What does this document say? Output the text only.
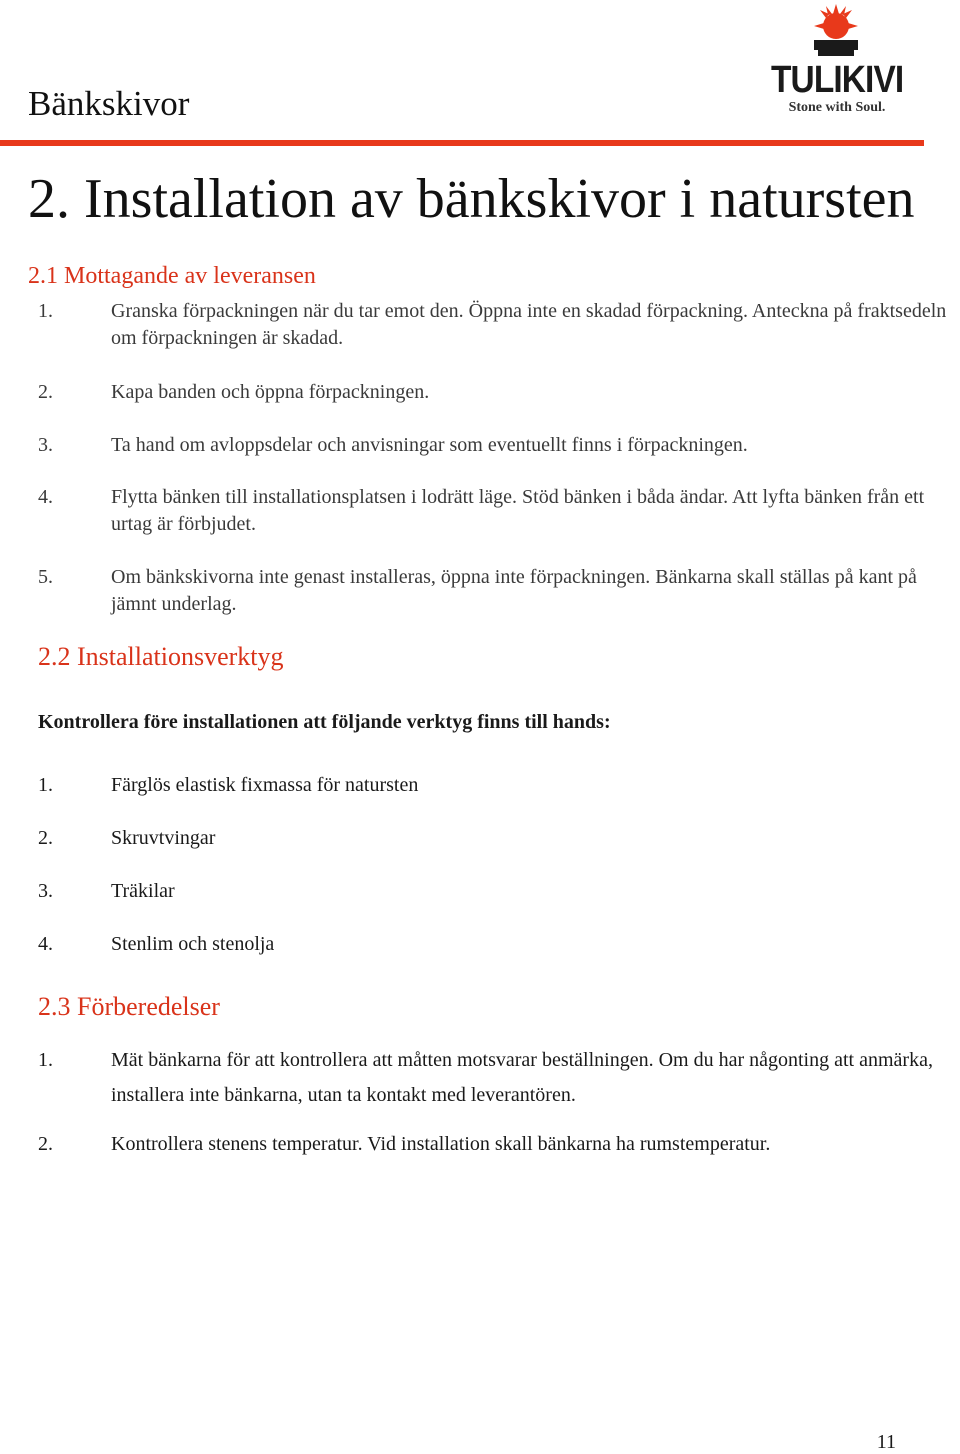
Bänkskivor
TULIKIVI
Stone with Soul.
2. Installation av bänkskivor i natursten
2.1 Mottagande av leveransen
1.	Granska förpackningen när du tar emot den. Öppna inte en skadad förpackning. Anteckna på fraktsedeln om förpackningen är skadad.
2.	Kapa banden och öppna förpackningen.
3.	Ta hand om avloppsdelar och anvisningar som eventuellt finns i förpackningen.
4.	Flytta bänken till installationsplatsen i lodrätt läge. Stöd bänken i båda ändar. Att lyfta bänken från ett urtag är förbjudet.
5.	Om bänkskivorna inte genast installeras, öppna inte förpackningen. Bänkarna skall ställas på kant på jämnt underlag.
2.2 Installationsverktyg
Kontrollera före installationen att följande verktyg finns till hands:
1.	Färglös elastisk fixmassa för natursten
2.	Skruvtvingar
3.	Träkilar
4.	Stenlim och stenolja
2.3 Förberedelser
1.	Mät bänkarna för att kontrollera att måtten motsvarar beställningen. Om du har någonting att anmärka, installera inte bänkarna, utan ta kontakt med leverantören.
2.	Kontrollera stenens temperatur. Vid installation skall bänkarna ha rumstemperatur.
11
